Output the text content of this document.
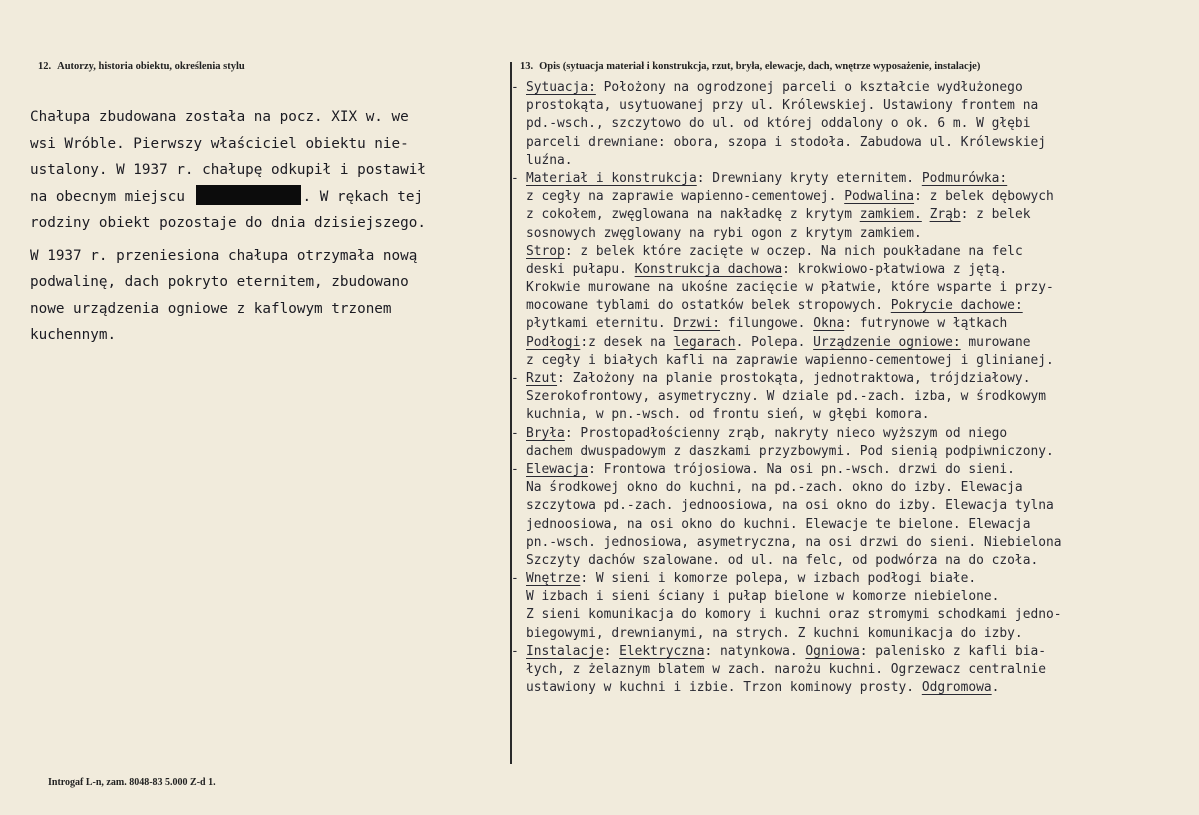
12. Autorzy, historia obiektu, określenia stylu	13. Opis (sytuacja materiał i konstrukcja, rzut, bryła, elewacje, dach, wnętrze wyposażenie, instalacje)
Chałupa zbudowana została na pocz. XIX w. we
wsi Wróble. Pierwszy właściciel obiektu nie-
ustalony. W 1937 r. chałupę odkupił i postawił
na obecnym miejscu	. W rękach tej
rodziny obiekt pozostaje do dnia dzisiejszego.
W 1937 r. przeniesiona chałupa otrzymała nową
podwalinę, dach pokryto eternitem, zbudowano
nowe urządzenia ogniowe z kaflowym trzonem
kuchennym.
- Sytuacja: Położony na ogrodzonej parceli o kształcie wydłużonego
prostokąta, usytuowanej przy ul. Królewskiej. Ustawiony frontem na
pd.-wsch., szczytowo do ul. od której oddalony o ok. 6 m. W głębi
parceli drewniane: obora, szopa i stodoła. Zabudowa ul. Królewskiej
luźna.
- Materiał i konstrukcja: Drewniany kryty eternitem. Podmurówka:
z cegły na zaprawie wapienno-cementowej. Podwalina: z belek dębowych
z cokołem, zwęglowana na nakładkę z krytym zamkiem. Zrąb: z belek
sosnowych zwęglowany na rybi ogon z krytym zamkiem.
Strop: z belek które zacięte w oczep. Na nich poukładane na felc
deski pułapu. Konstrukcja dachowa: krokwiowo-płatwiowa z jętą.
Krokwie murowane na ukośne zacięcie w płatwie, które wsparte i przy-
mocowane tyblami do ostatków belek stropowych. Pokrycie dachowe:
płytkami eternitu. Drzwi: filungowe. Okna: futrynowe w łątkach
Podłogi:z desek na legarach. Polepa. Urządzenie ogniowe: murowane
z cegły i białych kafli na zaprawie wapienno-cementowej i glinianej.
- Rzut: Założony na planie prostokąta, jednotraktowa, trójdziałowy.
Szerokofrontowy, asymetryczny. W dziale pd.-zach. izba, w środkowym
kuchnia, w pn.-wsch. od frontu sień, w głębi komora.
- Bryła: Prostopadłościenny zrąb, nakryty nieco wyższym od niego
dachem dwuspadowym z daszkami przyzbowymi. Pod sienią podpiwniczony.
- Elewacja: Frontowa trójosiowa. Na osi pn.-wsch. drzwi do sieni.
Na środkowej okno do kuchni, na pd.-zach. okno do izby. Elewacja
szczytowa pd.-zach. jednoosiowa, na osi okno do izby. Elewacja tylna
jednoosiowa, na osi okno do kuchni. Elewacje te bielone. Elewacja
pn.-wsch. jednosiowa, asymetryczna, na osi drzwi do sieni. Niebielona
Szczyty dachów szalowane. od ul. na felc, od podwórza na do czoła.
- Wnętrze: W sieni i komorze polepa, w izbach podłogi białe.
W izbach i sieni ściany i pułap bielone w komorze niebielone.
Z sieni komunikacja do komory i kuchni oraz stromymi schodkami jedno-
biegowymi, drewnianymi, na strych. Z kuchni komunikacja do izby.
- Instalacje: Elektryczna: natynkowa. Ogniowa: palenisko z kafli bia-
łych, z żelaznym blatem w zach. narożu kuchni. Ogrzewacz centralnie
ustawiony w kuchni i izbie. Trzon kominowy prosty. Odgromowa.
Introgaf L-n, zam. 8048-83 5.000 Z-d 1.
